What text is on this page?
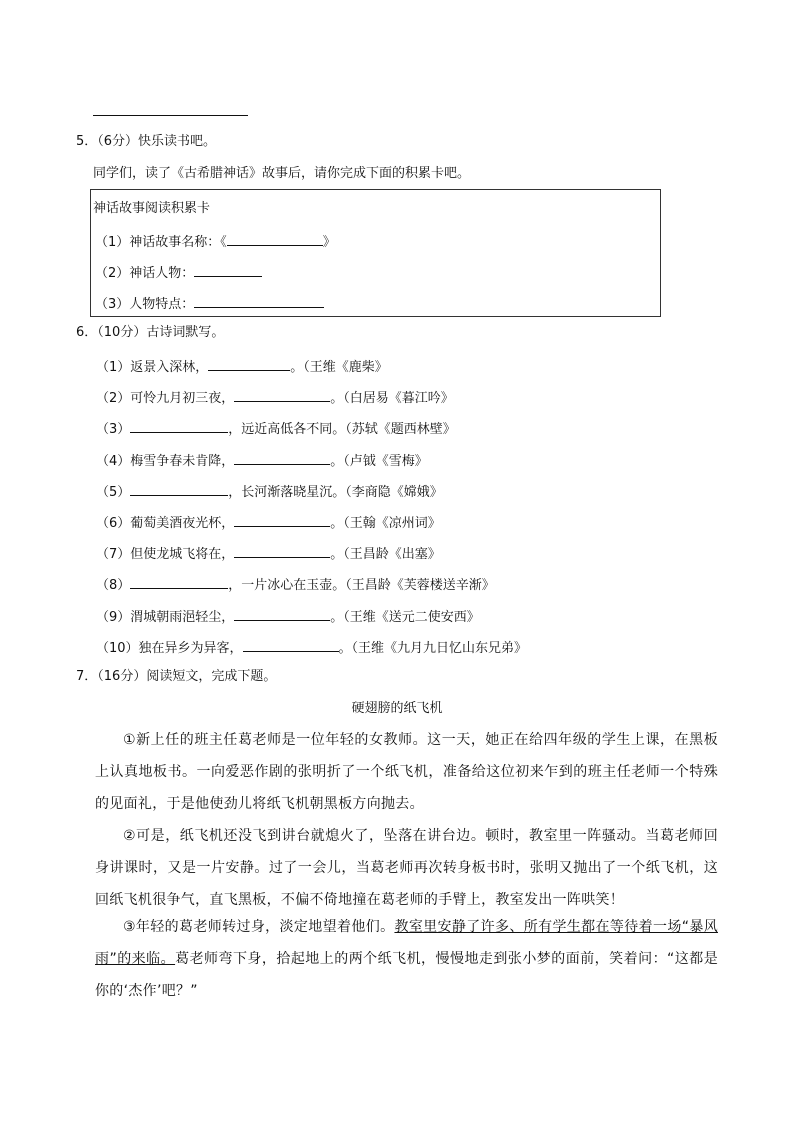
5．（6分）快乐读书吧。
同学们，读了《古希腊神话》故事后，请你完成下面的积累卡吧。
神话故事阅读积累卡
（1）神话故事名称：《	》
（2）神话人物：
（3）人物特点：
6．（10分）古诗词默写。
（1）返景入深林，	。（王维《鹿柴》
（2）可怜九月初三夜，	。（白居易《暮江吟》
（3）	，远近高低各不同。（苏轼《题西林壁》
（4）梅雪争春未肯降，	。（卢钺《雪梅》
（5）	，长河渐落晓星沉。（李商隐《嫦娥》
（6）葡萄美酒夜光杯，	。（王翰《凉州词》
（7）但使龙城飞将在，	。（王昌龄《出塞》
（8）	，一片冰心在玉壶。（王昌龄《芙蓉楼送辛渐》
（9）渭城朝雨浥轻尘，	。（王维《送元二使安西》
（10）独在异乡为异客，	。（王维《九月九日忆山东兄弟》
7．（16分）阅读短文，完成下题。
硬翅膀的纸飞机
①新上任的班主任葛老师是一位年轻的女教师。这一天，她正在给四年级的学生上课，在黑板上认真地板书。一向爱恶作剧的张明折了一个纸飞机，准备给这位初来乍到的班主任老师一个特殊的见面礼，于是他使劲儿将纸飞机朝黑板方向抛去。
②可是，纸飞机还没飞到讲台就熄火了，坠落在讲台边。顿时，教室里一阵骚动。当葛老师回身讲课时，又是一片安静。过了一会儿，当葛老师再次转身板书时，张明又抛出了一个纸飞机，这回纸飞机很争气，直飞黑板，不偏不倚地撞在葛老师的手臂上，教室发出一阵哄笑！
③年轻的葛老师转过身，淡定地望着他们。教室里安静了许多、所有学生都在等待着一场“暴风雨”的来临。葛老师弯下身，拾起地上的两个纸飞机，慢慢地走到张小梦的面前，笑着问：“这都是你的‘杰作’吧？”
